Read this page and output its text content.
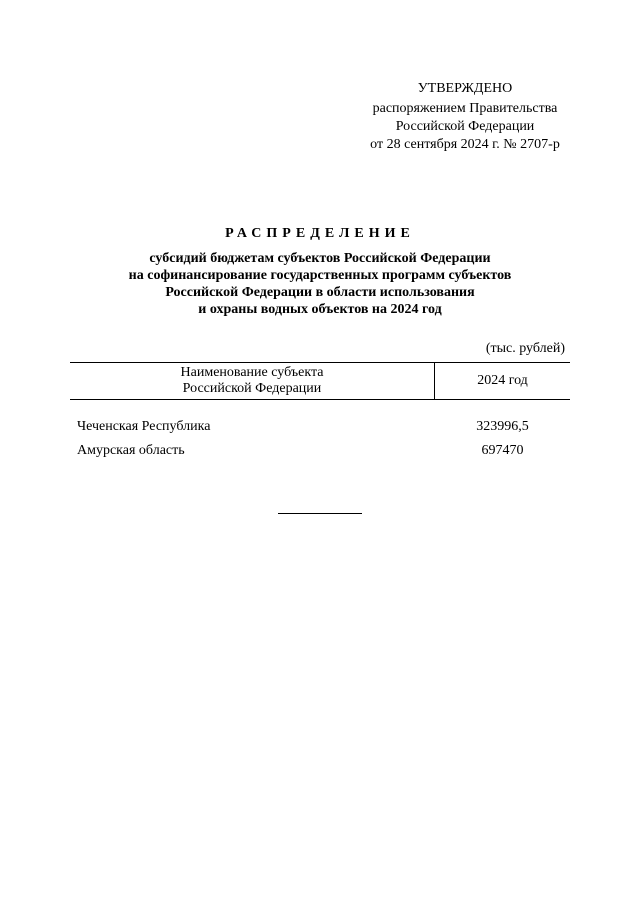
УТВЕРЖДЕНО
распоряжением Правительства
Российской Федерации
от 28 сентября 2024 г. № 2707-р
РАСПРЕДЕЛЕНИЕ
субсидий бюджетам субъектов Российской Федерации
на софинансирование государственных программ субъектов
Российской Федерации в области использования
и охраны водных объектов на 2024 год
(тыс. рублей)
Наименование субъекта
Российской Федерации
2024 год
Чеченская Республика	323996,5
Амурская область	697470
